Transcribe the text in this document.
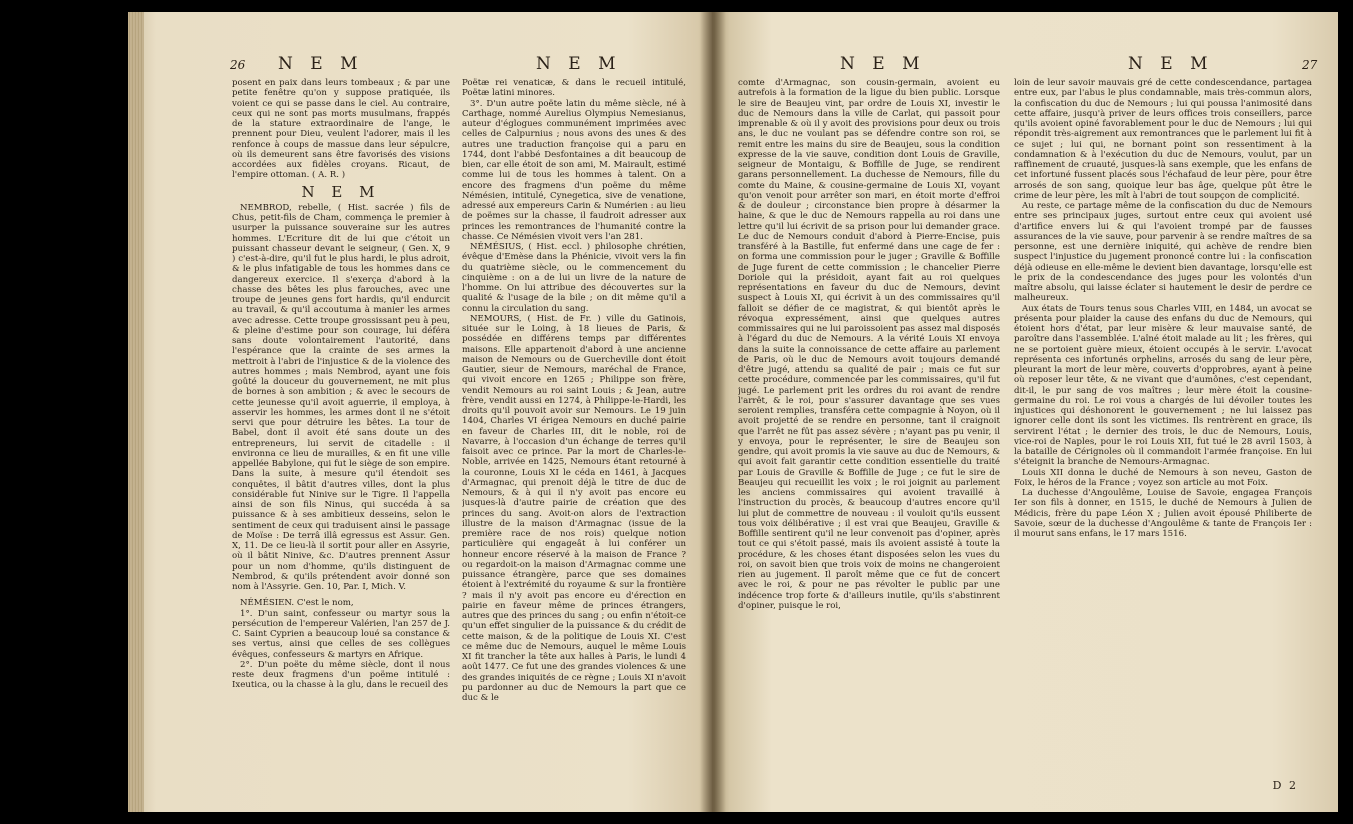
26 N E M	N E M

posent en paix dans leurs tombeaux ; & par une petite fenêtre qu'on y suppose pratiquée, ils voient ce qui se passe dans le ciel. Au contraire, ceux qui ne sont pas morts musulmans, frappés de la stature extraordinaire de l'ange, le prennent pour Dieu, veulent l'adorer, mais il les renfonce à coups de massue dans leur sépulcre, où ils demeurent sans être favorisés des visions accordées aux fidèles croyans. Ricaut, de l'empire ottoman. ( A. R. )

N E M

NEMBROD, rebelle, ( Hist. sacrée ) fils de Chus, petit-fils de Cham, commença le premier à usurper la puissance souveraine sur les autres hommes. L'Ecriture dit de lui que c'étoit un puissant chasseur devant le seigneur, ( Gen. X, 9 ) c'est-à-dire, qu'il fut le plus hardi, le plus adroit, & le plus infatigable de tous les hommes dans ce dangereux exercice. Il s'exerça d'abord à la chasse des bêtes les plus farouches, avec une troupe de jeunes gens fort hardis, qu'il endurcit au travail, & qu'il accoutuma à manier les armes avec adresse. Cette troupe grossissant peu à peu, & pleine d'estime pour son courage, lui déféra sans doute volontairement l'autorité, dans l'espérance que la crainte de ses armes la mettroit à l'abri de l'injustice & de la violence des autres hommes ; mais Nembrod, ayant une fois goûté la douceur du gouvernement, ne mit plus de bornes à son ambition ; & avec le secours de cette jeunesse qu'il avoit aguerrie, il employa, à asservir les hommes, les armes dont il ne s'étoit servi que pour détruire les bêtes. La tour de Babel, dont il avoit été sans doute un des entrepreneurs, lui servit de citadelle : il environna ce lieu de murailles, & en fit une ville appellée Babylone, qui fut le siège de son empire. Dans la suite, à mesure qu'il étendoit ses conquêtes, il bâtit d'autres villes, dont la plus considérable fut Ninive sur le Tigre. Il l'appella ainsi de son fils Ninus, qui succéda à sa puissance & à ses ambitieux desseins, selon le sentiment de ceux qui traduisent ainsi le passage de Moïse : De terrâ illâ egressus est Assur. Gen. X, 11. De ce lieu-là il sortit pour aller en Assyrie, où il bâtit Ninive, &c. D'autres prennent Assur pour un nom d'homme, qu'ils distinguent de Nembrod, & qu'ils prétendent avoir donné son nom à l'Assyrie. Gen. 10, Par. I, Mich. V.

NÉMÉSIEN. C'est le nom,

1°. D'un saint, confesseur ou martyr sous la persécution de l'empereur Valérien, l'an 257 de J. C. Saint Cyprien a beaucoup loué sa constance & ses vertus, ainsi que celles de ses collègues évêques, confesseurs & martyrs en Afrique.

2°. D'un poëte du même siècle, dont il nous reste deux fragmens d'un poëme intitulé : Ixeutica, ou la chasse à la glu, dans le recueil des

Poëtæ rei venaticæ, & dans le recueil intitulé, Poëtæ latini minores.

3°. D'un autre poëte latin du même siècle, né à Carthage, nommé Aurelius Olympius Nemesianus, auteur d'églogues communément imprimées avec celles de Calpurnius ; nous avons des unes & des autres une traduction françoise qui a paru en 1744, dont l'abbé Desfontaines a dit beaucoup de bien, car elle étoit de son ami, M. Mairault, estimé comme lui de tous les hommes à talent. On a encore des fragmens d'un poëme du même Némésien, intitulé, Cynegetica, sive de venatione, adressé aux empereurs Carin & Numérien : au lieu de poëmes sur la chasse, il faudroit adresser aux princes les remontrances de l'humanité contre la chasse. Ce Némésien vivoit vers l'an 281.

NÉMÉSIUS, ( Hist. eccl. ) philosophe chrétien, évêque d'Emèse dans la Phénicie, vivoit vers la fin du quatrième siècle, ou le commencement du cinquième : on a de lui un livre de la nature de l'homme. On lui attribue des découvertes sur la qualité & l'usage de la bile ; on dit même qu'il a connu la circulation du sang.

NEMOURS, ( Hist. de Fr. ) ville du Gatinois, située sur le Loing, à 18 lieues de Paris, & possédée en différens temps par différentes maisons. Elle appartenoit d'abord à une ancienne maison de Nemours ou de Guercheville dont étoit Gautier, sieur de Nemours, maréchal de France, qui vivoit encore en 1265 ; Philippe son frère, vendit Nemours au roi saint Louis ; & Jean, autre frère, vendit aussi en 1274, à Philippe-le-Hardi, les droits qu'il pouvoit avoir sur Nemours. Le 19 juin 1404, Charles VI érigea Nemours en duché pairie en faveur de Charles III, dit le noble, roi de Navarre, à l'occasion d'un échange de terres qu'il faisoit avec ce prince. Par la mort de Charles-le-Noble, arrivée en 1425, Nemours étant retourné à la couronne, Louis XI le céda en 1461, à Jacques d'Armagnac, qui prenoit déjà le titre de duc de Nemours, & à qui il n'y avoit pas encore eu jusques-là d'autre pairie de création que des princes du sang. Avoit-on alors de l'extraction illustre de la maison d'Armagnac (issue de la première race de nos rois) quelque notion particulière qui engageât à lui conférer un honneur encore réservé à la maison de France ? ou regardoit-on la maison d'Armagnac comme une puissance étrangère, parce que ses domaines étoient à l'extrémité du royaume & sur la frontière ? mais il n'y avoit pas encore eu d'érection en pairie en faveur même de princes étrangers, autres que des princes du sang ; ou enfin n'étoit-ce qu'un effet singulier de la puissance & du crédit de cette maison, & de la politique de Louis XI. C'est ce même duc de Nemours, auquel le même Louis XI fit trancher la tête aux halles à Paris, le lundi 4 août 1477. Ce fut une des grandes violences & une des grandes iniquités de ce règne ; Louis XI n'avoit pu pardonner au duc de Nemours la part que ce duc & le

N E M	N E M	27

comte d'Armagnac, son cousin-germain, avoient eu autrefois à la formation de la ligue du bien public. Lorsque le sire de Beaujeu vint, par ordre de Louis XI, investir le duc de Nemours dans la ville de Carlat, qui passoit pour imprenable & où il y avoit des provisions pour deux ou trois ans, le duc ne voulant pas se défendre contre son roi, se remit entre les mains du sire de Beaujeu, sous la condition expresse de la vie sauve, condition dont Louis de Graville, seigneur de Montaigu, & Boffille de Juge, se rendirent garans personnellement. La duchesse de Nemours, fille du comte du Maine, & cousine-germaine de Louis XI, voyant qu'on venoit pour arrêter son mari, en étoit morte d'effroi & de douleur ; circonstance bien propre à désarmer la haine, & que le duc de Nemours rappella au roi dans une lettre qu'il lui écrivit de sa prison pour lui demander grace. Le duc de Nemours conduit d'abord à Pierre-Encise, puis transféré à la Bastille, fut enfermé dans une cage de fer : on forma une commission pour le juger ; Graville & Boffille de Juge furent de cette commission ; le chancelier Pierre Doriole qui la présidoit, ayant fait au roi quelques représentations en faveur du duc de Nemours, devint suspect à Louis XI, qui écrivit à un des commissaires qu'il falloit se défier de ce magistrat, & qui bientôt après le révoqua expressément, ainsi que quelques autres commissaires qui ne lui paroissoient pas assez mal disposés à l'égard du duc de Nemours. A la vérité Louis XI envoya dans la suite la connoissance de cette affaire au parlement de Paris, où le duc de Nemours avoit toujours demandé d'être jugé, attendu sa qualité de pair ; mais ce fut sur cette procédure, commencée par les commissaires, qu'il fut jugé. Le parlement prit les ordres du roi avant de rendre l'arrêt, & le roi, pour s'assurer davantage que ses vues seroient remplies, transféra cette compagnie à Noyon, où il avoit projetté de se rendre en personne, tant il craignoit que l'arrêt ne fût pas assez sévère ; n'ayant pas pu venir, il y envoya, pour le représenter, le sire de Beaujeu son gendre, qui avoit promis la vie sauve au duc de Nemours, & qui avoit fait garantir cette condition essentielle du traité par Louis de Graville & Boffille de Juge ; ce fut le sire de Beaujeu qui recueillit les voix ; le roi joignit au parlement les anciens commissaires qui avoient travaillé à l'instruction du procès, & beaucoup d'autres encore qu'il lui plut de commettre de nouveau : il vouloit qu'ils eussent tous voix délibérative ; il est vrai que Beaujeu, Graville & Boffille sentirent qu'il ne leur convenoit pas d'opiner, après tout ce qui s'étoit passé, mais ils avoient assisté à toute la procédure, & les choses étant disposées selon les vues du roi, on savoit bien que trois voix de moins ne changeroient rien au jugement. Il paroît même que ce fut de concert avec le roi, & pour ne pas révolter le public par une indécence trop forte & d'ailleurs inutile, qu'ils s'abstinrent d'opiner, puisque le roi,

loin de leur savoir mauvais gré de cette condescendance, partagea entre eux, par l'abus le plus condamnable, mais très-commun alors, la confiscation du duc de Nemours ; lui qui poussa l'animosité dans cette affaire, jusqu'à priver de leurs offices trois conseillers, parce qu'ils avoient opiné favorablement pour le duc de Nemours ; lui qui répondit très-aigrement aux remontrances que le parlement lui fit à ce sujet ; lui qui, ne bornant point son ressentiment à la condamnation & à l'exécution du duc de Nemours, voulut, par un raffinement de cruauté, jusques-là sans exemple, que les enfans de cet infortuné fussent placés sous l'échafaud de leur père, pour être arrosés de son sang, quoique leur bas âge, quelque pût être le crime de leur père, les mît à l'abri de tout soupçon de complicité.

Au reste, ce partage même de la confiscation du duc de Nemours entre ses principaux juges, surtout entre ceux qui avoient usé d'artifice envers lui & qui l'avoient trompé par de fausses assurances de la vie sauve, pour parvenir à se rendre maîtres de sa personne, est une dernière iniquité, qui achève de rendre bien suspect l'injustice du jugement prononcé contre lui : la confiscation déjà odieuse en elle-même le devient bien davantage, lorsqu'elle est le prix de la condescendance des juges pour les volontés d'un maître absolu, qui laisse éclater si hautement le desir de perdre ce malheureux.

Aux états de Tours tenus sous Charles VIII, en 1484, un avocat se présenta pour plaider la cause des enfans du duc de Nemours, qui étoient hors d'état, par leur misère & leur mauvaise santé, de paroître dans l'assemblée. L'aîné étoit malade au lit ; les frères, qui ne se portoient guère mieux, étoient occupés à le servir. L'avocat représenta ces infortunés orphelins, arrosés du sang de leur père, pleurant la mort de leur mère, couverts d'opprobres, ayant à peine où reposer leur tête, & ne vivant que d'aumônes, c'est cependant, dit-il, le pur sang de vos maîtres ; leur mère étoit la cousine-germaine du roi. Le roi vous a chargés de lui dévoiler toutes les injustices qui déshonorent le gouvernement ; ne lui laissez pas ignorer celle dont ils sont les victimes. Ils rentrèrent en grace, ils servirent l'état ; le dernier des trois, le duc de Nemours, Louis, vice-roi de Naples, pour le roi Louis XII, fut tué le 28 avril 1503, à la bataille de Cérignoles où il commandoit l'armée françoise. En lui s'éteignit la branche de Nemours-Armagnac.

Louis XII donna le duché de Nemours à son neveu, Gaston de Foix, le héros de la France ; voyez son article au mot Foix.

La duchesse d'Angoulême, Louise de Savoie, engagea François Ier son fils à donner, en 1515, le duché de Nemours à Julien de Médicis, frère du pape Léon X ; Julien avoit épousé Philiberte de Savoie, sœur de la duchesse d'Angoulême & tante de François Ier : il mourut sans enfans, le 17 mars 1516.

D 2
